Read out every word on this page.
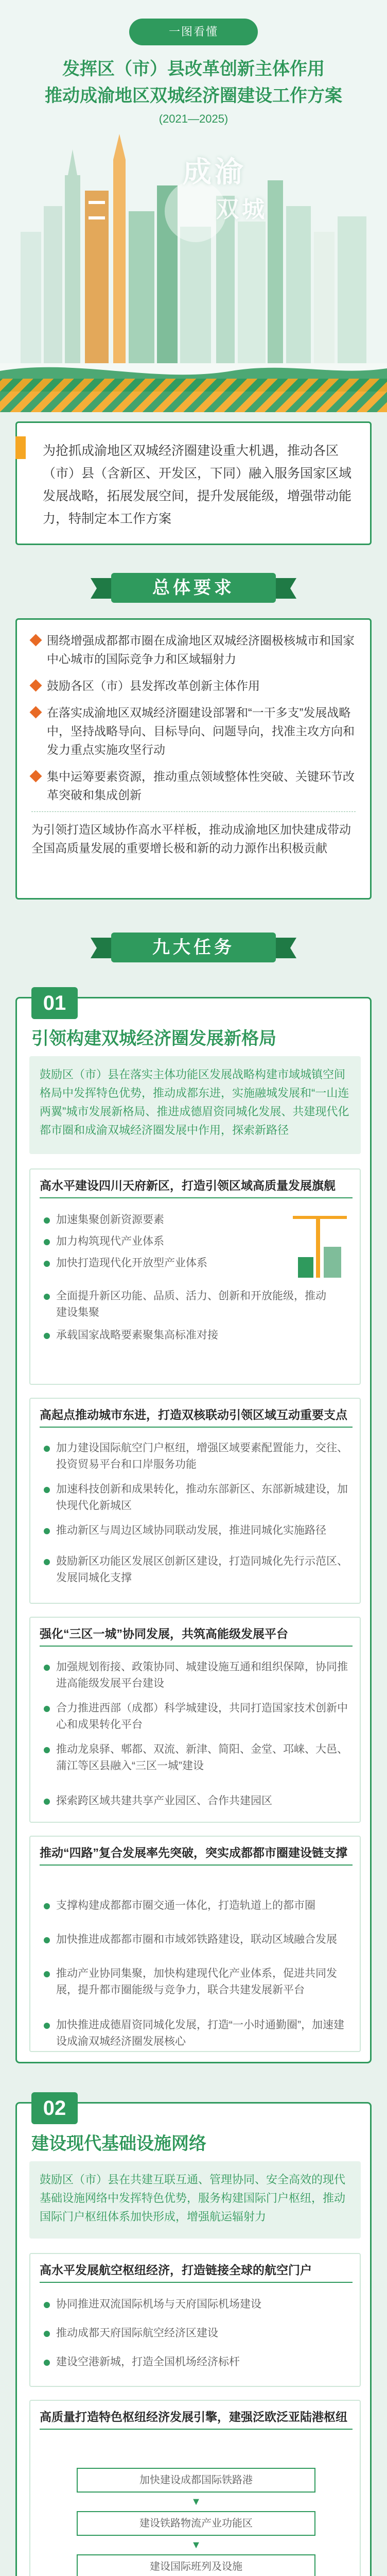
一图看懂
发挥区（市）县改革创新主体作用
推动成渝地区双城经济圈建设工作方案
(2021—2025)
成渝
双城

为抢抓成渝地区双城经济圈建设重大机遇，推动各区（市）县（含新区、开发区，下同）融入服务国家区域发展战略，拓展发展空间，提升发展能级，增强带动能力，特制定本工作方案

总体要求
围绕增强成都都市圈在成渝地区双城经济圈极核城市和国家中心城市的国际竞争力和区域辐射力
鼓励各区（市）县发挥改革创新主体作用
在落实成渝地区双城经济圈建设部署和“一干多支”发展战略中，坚持战略导向、目标导向、问题导向，找准主攻方向和发力重点实施攻坚行动
集中运筹要素资源，推动重点领域整体性突破、关键环节改革突破和集成创新
为引领打造区域协作高水平样板，推动成渝地区加快建成带动全国高质量发展的重要增长极和新的动力源作出积极贡献
九大任务
01
引领构建双城经济圈发展新格局
鼓励区（市）县在落实主体功能区发展战略构建市域城镇空间格局中发挥特色优势，推动成都东进，实施融城发展和“一山连两翼”城市发展新格局、推进成德眉资同城化发展、共建现代化都市圈和成渝双城经济圈发展中作用，探索新路径
高水平建设四川天府新区，打造引领区域高质量发展旗舰
加速集聚创新资源要素
加力构筑现代产业体系
加快打造现代化开放型产业体系
全面提升新区功能、品质、活力、创新和开放能级，推动建设集聚
承载国家战略要素聚集高标准对接
高起点推动城市东进，打造双核联动引领区域互动重要支点
加力建设国际航空门户枢纽，增强区域要素配置能力，交往、投资贸易平台和口岸服务功能
加速科技创新和成果转化，推动东部新区、东部新城建设，加快现代化新城区
推动新区与周边区域协同联动发展，推进同城化实施路径
鼓励新区功能区发展区创新区建设，打造同城化先行示范区、发展同城化支撑
强化“三区一城”协同发展，共筑高能级发展平台
加强规划衔接、政策协同、城建设施互通和组织保障，协同推进高能级发展平台建设
合力推进西部（成都）科学城建设，共同打造国家技术创新中心和成果转化平台
推动龙泉驿、郫都、双流、新津、简阳、金堂、邛崃、大邑、蒲江等区县融入“三区一城”建设
探索跨区域共建共享产业园区、合作共建园区
推动“四路”复合发展率先突破，突实成都都市圈建设链支撑
支撑构建成都都市圈交通一体化，打造轨道上的都市圈
加快推进成都都市圈和市域郊铁路建设，联动区域融合发展
推动产业协同集聚，加快构建现代化产业体系，促进共同发展，提升都市圈能级与竞争力，联合共建发展新平台
加快推进成德眉资同城化发展，打造“一小时通勤圈”，加速建设成渝双城经济圈发展核心
02
建设现代基础设施网络
鼓励区（市）县在共建互联互通、管理协同、安全高效的现代基础设施网络中发挥特色优势，服务构建国际门户枢纽，推动国际门户枢纽体系加快形成，增强航运辐射力
高水平发展航空枢纽经济，打造链接全球的航空门户
协同推进双流国际机场与天府国际机场建设
推动成都天府国际航空经济区建设
建设空港新城，打造全国机场经济标杆
高质量打造特色枢纽经济发展引擎，建强泛欧泛亚陆港枢纽
加快建设成都国际铁路港
▼
建设铁路物流产业功能区
▼
建设国际班列及设施
